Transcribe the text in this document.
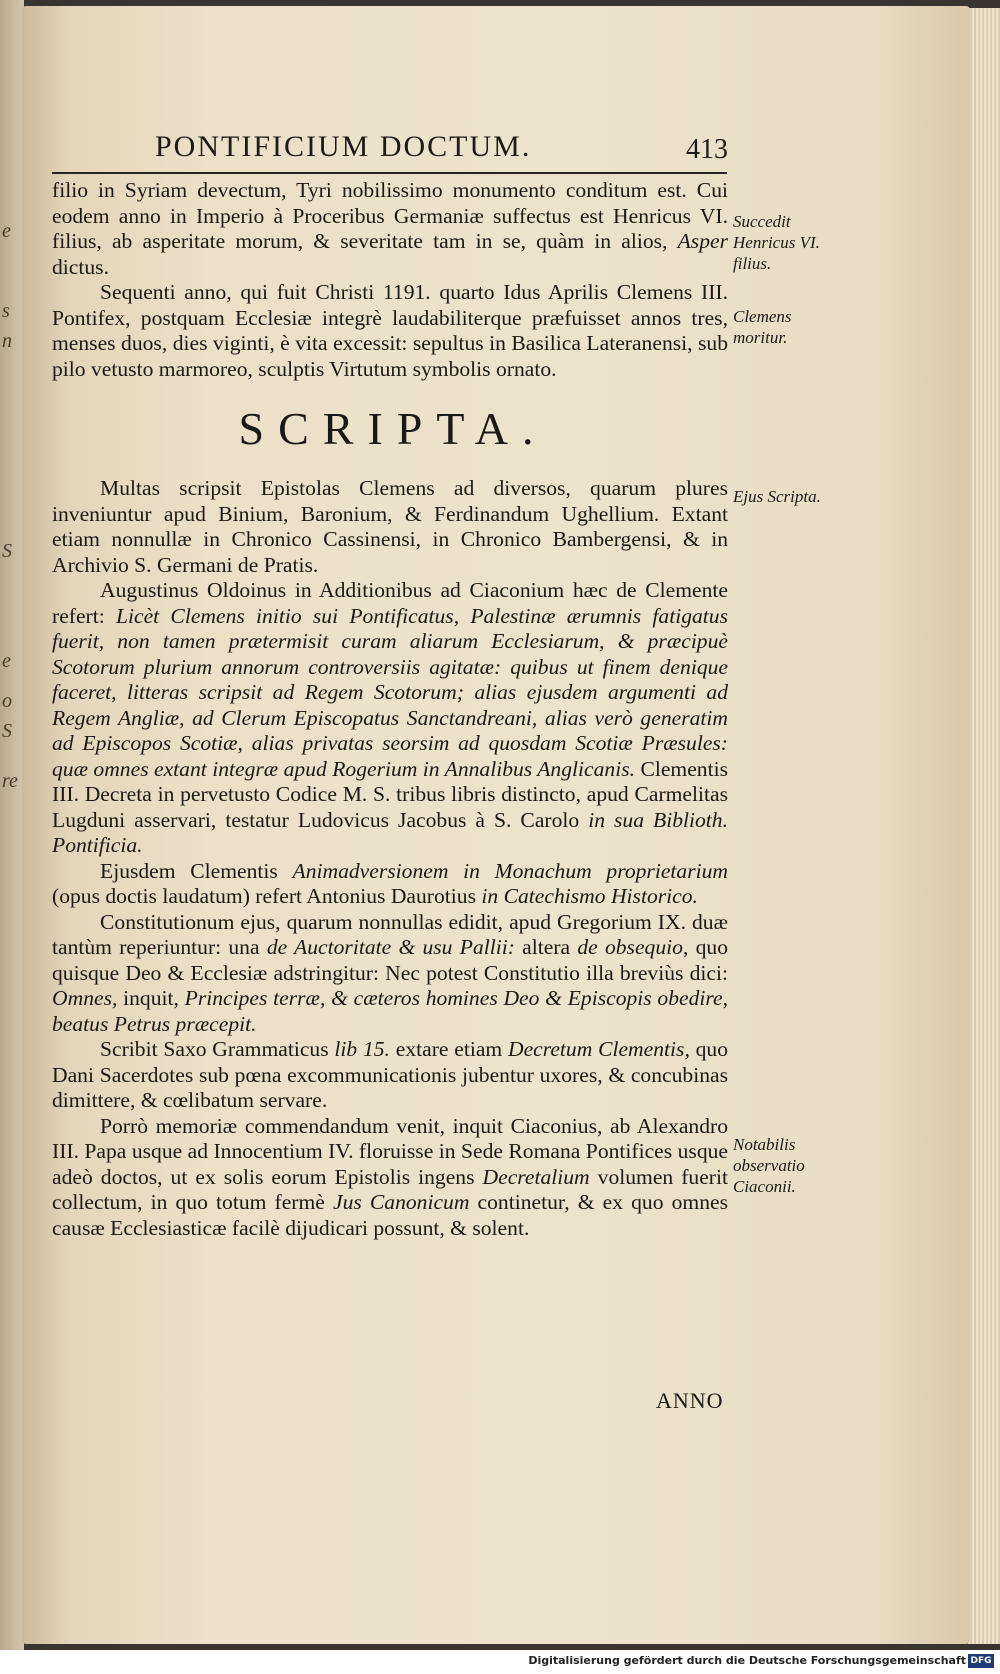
e
s
n
S
e
o
S
re
PONTIFICIUM DOCTUM.	413

filio in Syriam devectum, Tyri nobilissimo monumento conditum est. Cui eodem anno in Imperio à Proceribus Germaniæ suffectus est Henricus VI. filius, ab asperitate morum, & severitate tam in se, quàm in alios, Asper dictus.

Sequenti anno, qui fuit Christi 1191. quarto Idus Aprilis Clemens III. Pontifex, postquam Ecclesiæ integrè laudabiliterque præfuisset annos tres, menses duos, dies viginti, è vita excessit: sepultus in Basilica Lateranensi, sub pilo vetusto marmoreo, sculptis Virtutum symbolis ornato.

SCRIPTA.

Multas scripsit Epistolas Clemens ad diversos, quarum plures inveniuntur apud Binium, Baronium, & Ferdinandum Ughellium. Extant etiam nonnullæ in Chronico Cassinensi, in Chronico Bambergensi, & in Archivio S. Germani de Pratis.

Augustinus Oldoinus in Additionibus ad Ciaconium hæc de Clemente refert: Licèt Clemens initio sui Pontificatus, Palestinæ ærumnis fatigatus fuerit, non tamen prætermisit curam aliarum Ecclesiarum, & præcipuè Scotorum plurium annorum controversiis agitatæ: quibus ut finem denique faceret, litteras scripsit ad Regem Scotorum; alias ejusdem argumenti ad Regem Angliæ, ad Clerum Episcopatus Sanctandreani, alias verò generatim ad Episcopos Scotiæ, alias privatas seorsim ad quosdam Scotiæ Præsules: quæ omnes extant integræ apud Rogerium in Annalibus Anglicanis. Clementis III. Decreta in pervetusto Codice M. S. tribus libris distincto, apud Carmelitas Lugduni asservari, testatur Ludovicus Jacobus à S. Carolo in sua Biblioth. Pontificia.

Ejusdem Clementis Animadversionem in Monachum proprietarium (opus doctis laudatum) refert Antonius Daurotius in Catechismo Historico.

Constitutionum ejus, quarum nonnullas edidit, apud Gregorium IX. duæ tantùm reperiuntur: una de Auctoritate & usu Pallii: altera de obsequio, quo quisque Deo & Ecclesiæ adstringitur: Nec potest Constitutio illa breviùs dici: Omnes, inquit, Principes terræ, & cæteros homines Deo & Episcopis obedire, beatus Petrus præcepit.

Scribit Saxo Grammaticus lib 15. extare etiam Decretum Clementis, quo Dani Sacerdotes sub pœna excommunicationis jubentur uxores, & concubinas dimittere, & cœlibatum servare.

Porrò memoriæ commendandum venit, inquit Ciaconius, ab Alexandro III. Papa usque ad Innocentium IV. floruisse in Sede Romana Pontifices usque adeò doctos, ut ex solis eorum Epistolis ingens Decretalium volumen fuerit collectum, in quo totum fermè Jus Canonicum continetur, & ex quo omnes causæ Ecclesiasticæ facilè dijudicari possunt, & solent.

Succedit Henricus VI. filius.
Clemens moritur.
Ejus Scripta.
Notabilis observatio Ciaconii.
ANNO
Digitalisierung gefördert durch die Deutsche Forschungsgemeinschaft DFG
